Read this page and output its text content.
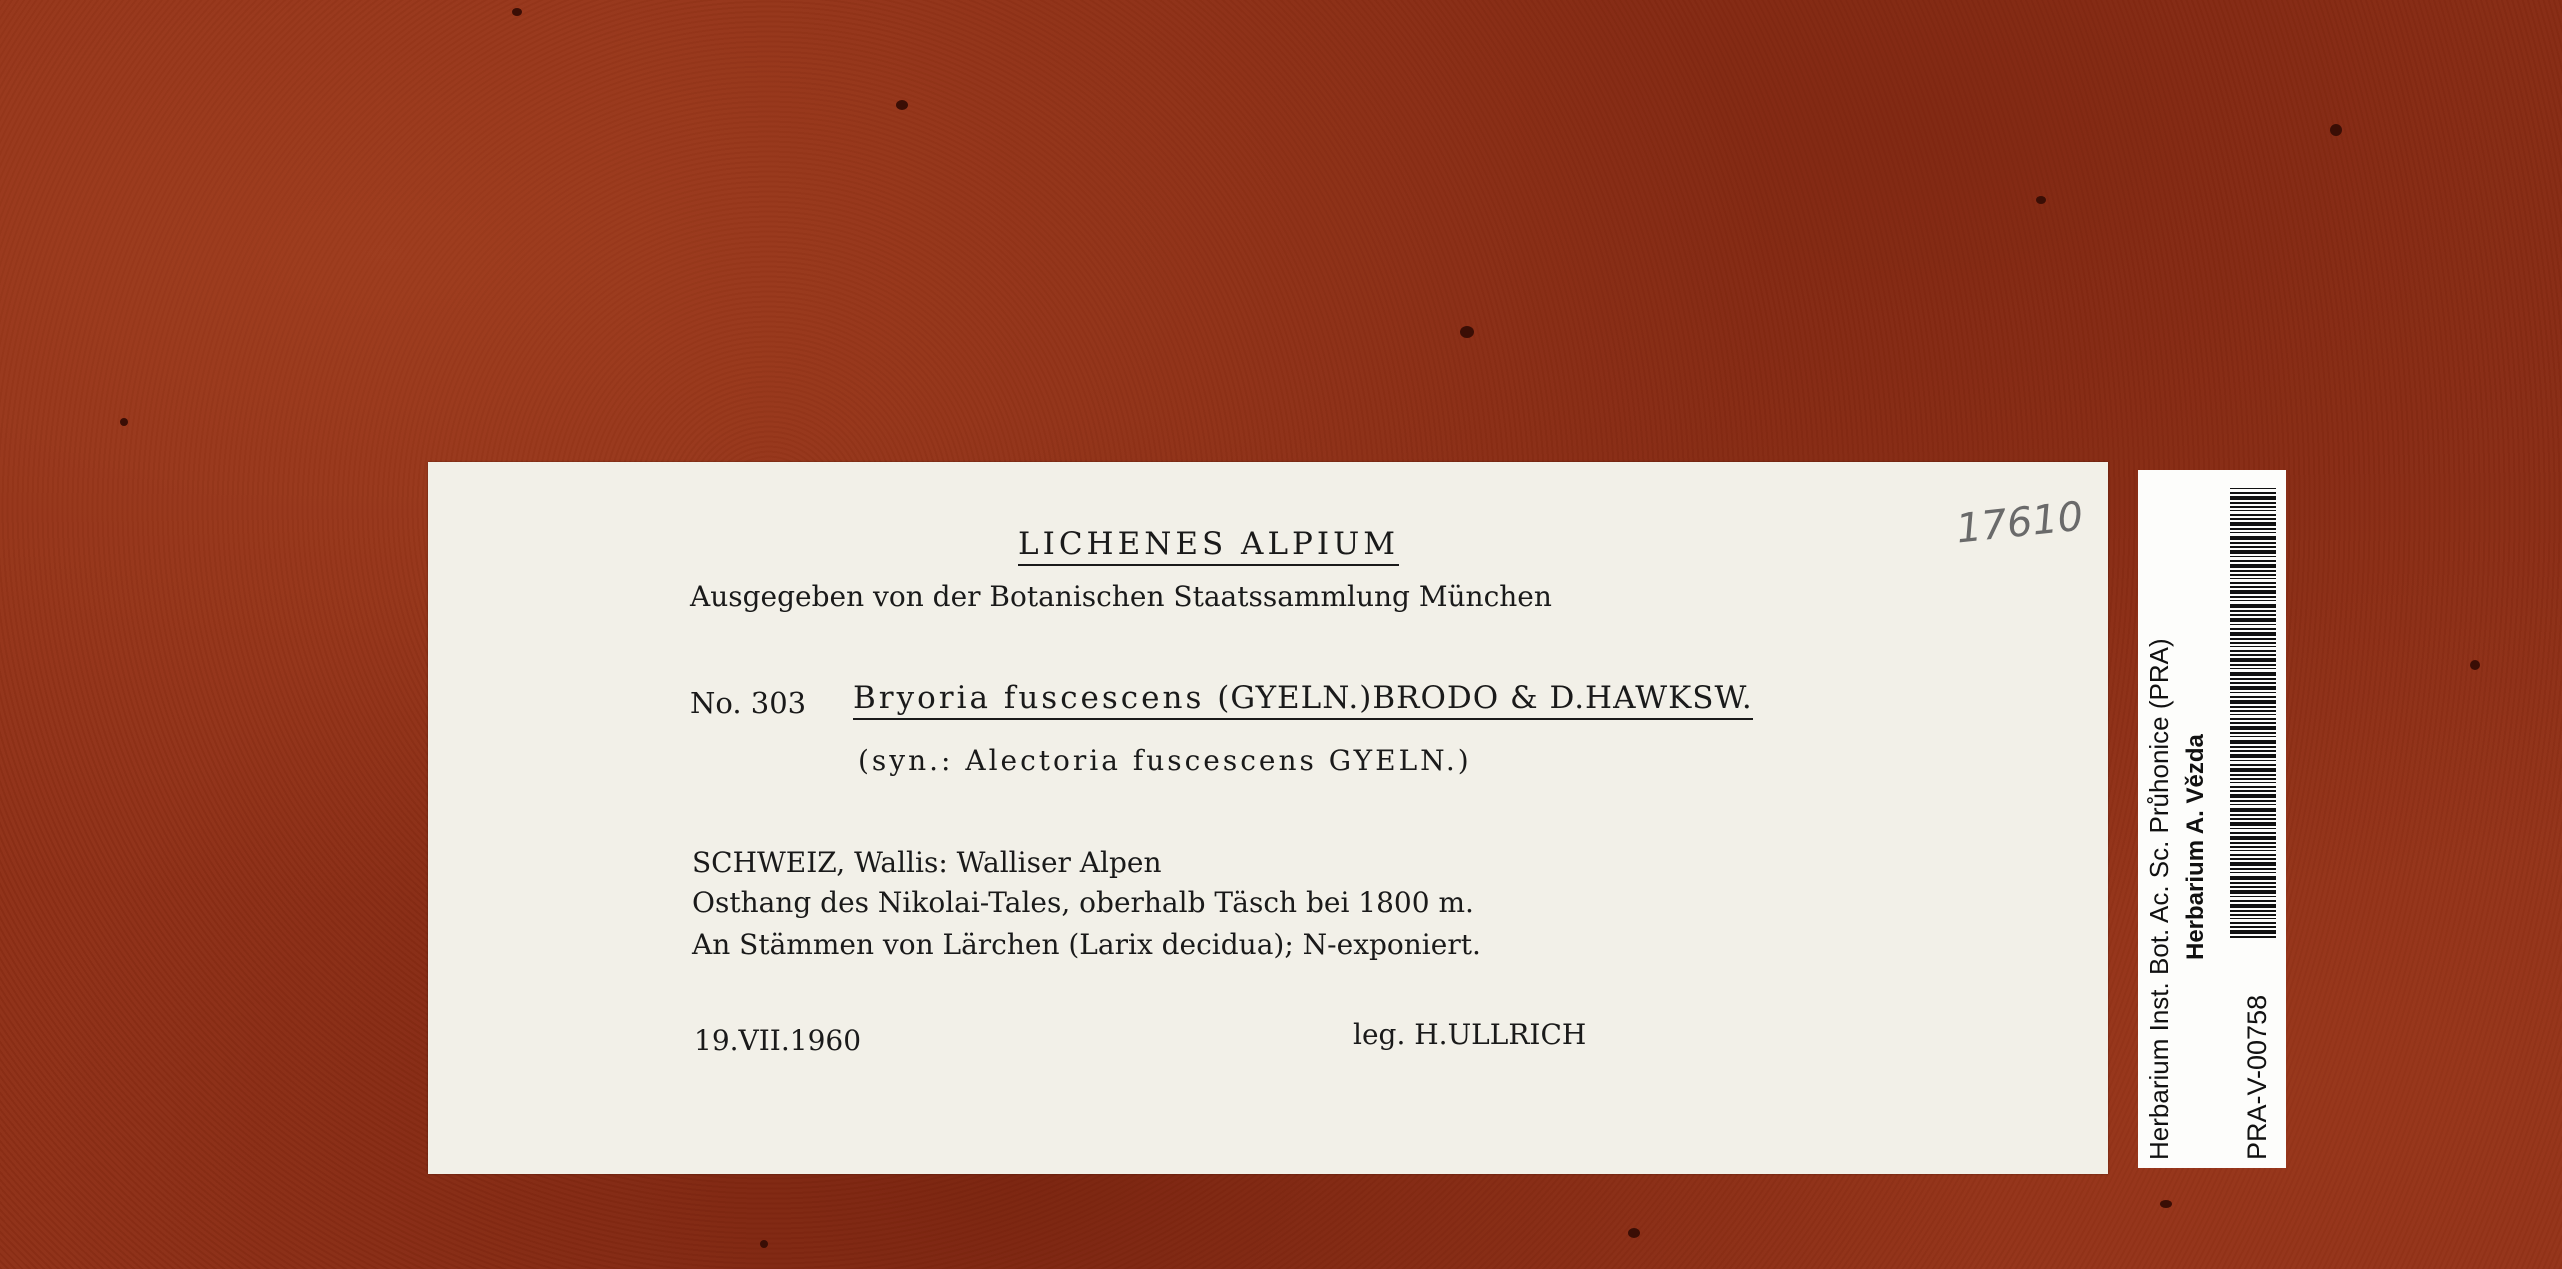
LICHENES ALPIUM
Ausgegeben von der Botanischen Staatssammlung München
No. 303 Bryoria fuscescens (GYELN.)BRODO & D.HAWKSW.
(syn.: Alectoria fuscescens GYELN.)
SCHWEIZ, Wallis: Walliser Alpen
Osthang des Nikolai-Tales, oberhalb Täsch bei 1800 m.
An Stämmen von Lärchen (Larix decidua); N-exponiert.
19.VII.1960	leg. H.ULLRICH
17610
Herbarium Inst. Bot. Ac. Sc. Průhonice (PRA) Herbarium A. Vězda
PRA-V-00758
